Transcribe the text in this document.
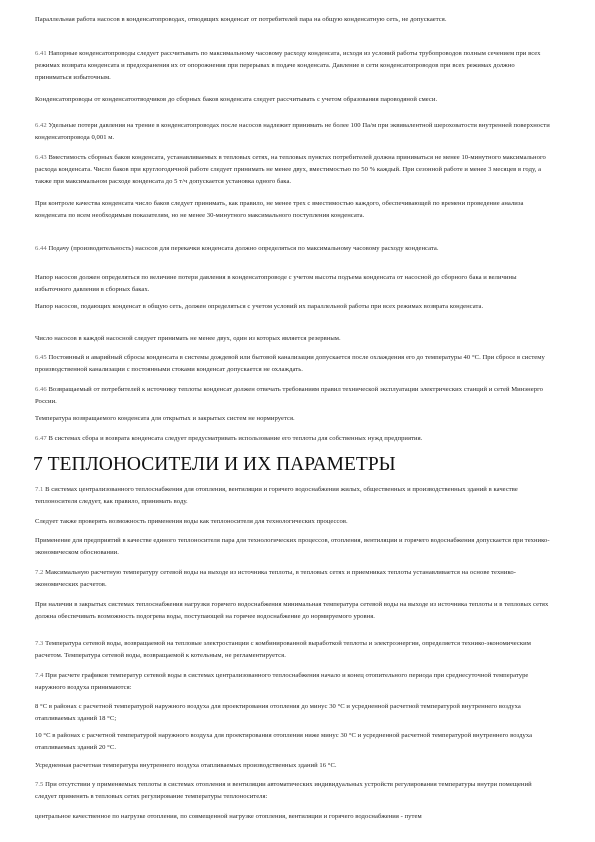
Параллельная работа насосов в конденсатопроводах, отводящих конденсат от потребителей пара на общую конденсатную сеть, не допускается.

6.41 Напорные конденсатопроводы следует рассчитывать по максимальному часовому расходу конденсата, исходя из условий работы трубопроводов полным сечением при всех режимах возврата конденсата и предохранения их от опорожнения при перерывах в подаче конденсата. Давление в сети конденсатопроводов при всех режимах должно приниматься избыточным.

Конденсатопроводы от конденсатоотводчиков до сборных баков конденсата следует рассчитывать с учетом образования пароводяной смеси.

6.42 Удельные потери давления на трение в конденсатопроводах после насосов надлежит принимать не более 100 Па/м при эквивалентной шероховатости внутренней поверхности конденсатопровода 0,001 м.

6.43 Вместимость сборных баков конденсата, устанавливаемых в тепловых сетях, на тепловых пунктах потребителей должна приниматься не менее 10-минутного максимального расхода конденсата. Число баков при круглогодичной работе следует принимать не менее двух, вместимостью по 50 % каждый. При сезонной работе и менее 3 месяцев в году, а также при максимальном расходе конденсата до 5 т/ч допускается установка одного бака.

При контроле качества конденсата число баков следует принимать, как правило, не менее трех с вместимостью каждого, обеспечивающей по времени проведение анализа конденсата по всем необходимым показателям, но не менее 30-минутного максимального поступления конденсата.

6.44 Подачу (производительность) насосов для перекачки конденсата должно определяться по максимальному часовому расходу конденсата.

Напор насосов должен определяться по величине потери давления в конденсатопроводе с учетом высоты подъема конденсата от насосной до сборного бака и величины избыточного давления в сборных баках.

Напор насосов, подающих конденсат в общую сеть, должен определяться с учетом условий их параллельной работы при всех режимах возврата конденсата.

Число насосов в каждой насосной следует принимать не менее двух, один из которых является резервным.

6.45 Постоянный и аварийный сбросы конденсата в системы дождевой или бытовой канализации допускается после охлаждения его до температуры 40 °С. При сбросе в систему производственной канализации с постоянными стоками конденсат допускается не охлаждать.

6.46 Возвращаемый от потребителей к источнику теплоты конденсат должен отвечать требованиям правил технической эксплуатации электрических станций и сетей Минэнерго России.

Температура возвращаемого конденсата для открытых и закрытых систем не нормируется.

6.47 В системах сбора и возврата конденсата следует предусматривать использование его теплоты для собственных нужд предприятия.

7 ТЕПЛОНОСИТЕЛИ И ИХ ПАРАМЕТРЫ

7.1 В системах централизованного теплоснабжения для отопления, вентиляции и горячего водоснабжения жилых, общественных и производственных зданий в качестве теплоносителя следует, как правило, принимать воду.

Следует также проверять возможность применения воды как теплоносителя для технологических процессов.

Применение для предприятий в качестве единого теплоносителя пара для технологических процессов, отопления, вентиляции и горячего водоснабжения допускается при технико-экономическом обосновании.

7.2 Максимальную расчетную температуру сетевой воды на выходе из источника теплоты, в тепловых сетях и приемниках теплоты устанавливается на основе технико-экономических расчетов.

При наличии в закрытых системах теплоснабжения нагрузки горячего водоснабжения минимальная температура сетевой воды на выходе из источника теплоты и в тепловых сетях должна обеспечивать возможность подогрева воды, поступающей на горячее водоснабжение до нормируемого уровня.

7.3 Температура сетевой воды, возвращаемой на тепловые электростанции с комбинированной выработкой теплоты и электроэнергии, определяется технико-экономическим расчетом. Температура сетевой воды, возвращаемой к котельным, не регламентируется.

7.4 При расчете графиков температур сетевой воды в системах централизованного теплоснабжения начало и конец отопительного периода при среднесуточной температуре наружного воздуха принимаются:

8 °С в районах с расчетной температурой наружного воздуха для проектирования отопления до минус 30 °С и усредненной расчетной температурой внутреннего воздуха отапливаемых зданий 18 °С;

10 °С в районах с расчетной температурой наружного воздуха для проектирования отопления ниже минус 30 °С и усредненной расчетной температурой внутреннего воздуха отапливаемых зданий 20 °С.

Усредненная расчетная температура внутреннего воздуха отапливаемых производственных зданий 16 °С.

7.5 При отсутствии у применяемых теплоты в системах отопления и вентиляции автоматических индивидуальных устройств регулирования температуры внутри помещений следует применять в тепловых сетях регулирование температуры теплоносителя:

центральное качественное по нагрузке отопления, по совмещенной нагрузке отопления, вентиляции и горячего водоснабжения - путем
